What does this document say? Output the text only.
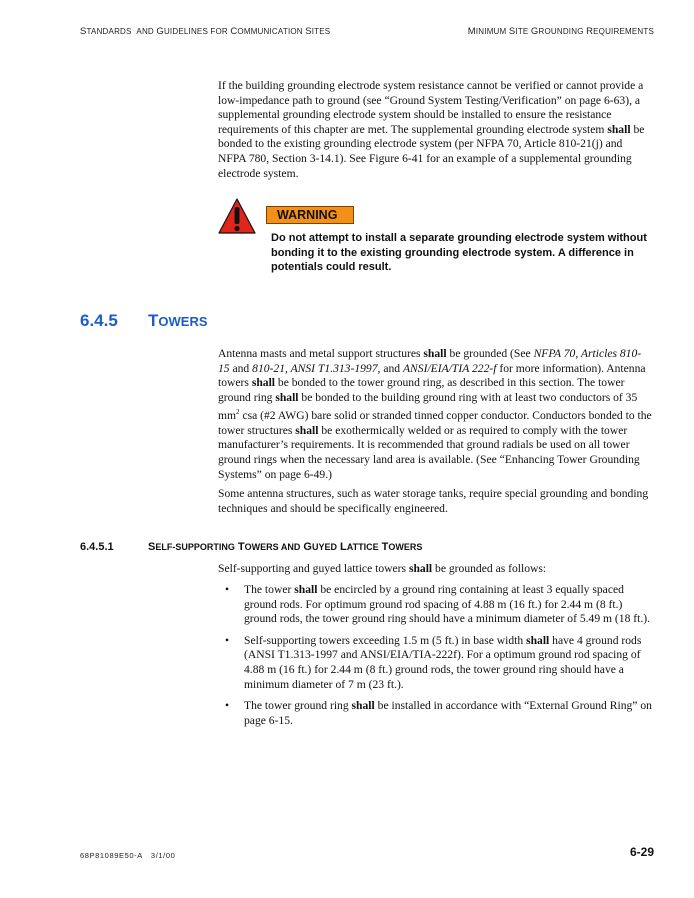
STANDARDS AND GUIDELINES FOR COMMUNICATION SITES	MINIMUM SITE GROUNDING REQUIREMENTS

If the building grounding electrode system resistance cannot be verified or cannot provide a low-impedance path to ground (see “Ground System Testing/Verification” on page 6-63), a supplemental grounding electrode system should be installed to ensure the resistance requirements of this chapter are met. The supplemental grounding electrode system shall be bonded to the existing grounding electrode system (per NFPA 70, Article 810-21(j) and NFPA 780, Section 3-14.1). See Figure 6-41 for an example of a supplemental grounding electrode system.

WARNING
Do not attempt to install a separate grounding electrode system without bonding it to the existing grounding electrode system. A difference in potentials could result.
6.4.5 TOWERS

Antenna masts and metal support structures shall be grounded (See NFPA 70, Articles 810-15 and 810-21, ANSI T1.313-1997, and ANSI/EIA/TIA 222-f for more information). Antenna towers shall be bonded to the tower ground ring, as described in this section. The tower ground ring shall be bonded to the building ground ring with at least two conductors of 35 $mm^2$ csa (#2 AWG) bare solid or stranded tinned copper conductor. Conductors bonded to the tower structures shall be exothermically welded or as required to comply with the tower manufacturer’s requirements. It is recommended that ground radials be used on all tower ground rings when the necessary land area is available. (See “Enhancing Tower Grounding Systems” on page 6-49.)

Some antenna structures, such as water storage tanks, require special grounding and bonding techniques and should be specifically engineered.

6.4.5.1	SELF-SUPPORTING TOWERS AND GUYED LATTICE TOWERS

Self-supporting and guyed lattice towers shall be grounded as follows:

• The tower shall be encircled by a ground ring containing at least 3 equally spaced ground rods. For optimum ground rod spacing of 4.88 m (16 ft.) for 2.44 m (8 ft.) ground rods, the tower ground ring should have a minimum diameter of 5.49 m (18 ft.).
• Self-supporting towers exceeding 1.5 m (5 ft.) in base width shall have 4 ground rods (ANSI T1.313-1997 and ANSI/EIA/TIA-222f). For a optimum ground rod spacing of 4.88 m (16 ft.) for 2.44 m (8 ft.) ground rods, the tower ground ring should have a minimum diameter of 7 m (23 ft.).
• The tower ground ring shall be installed in accordance with “External Ground Ring” on page 6-15.
68P81089E50-A 3/1/00	6-29
